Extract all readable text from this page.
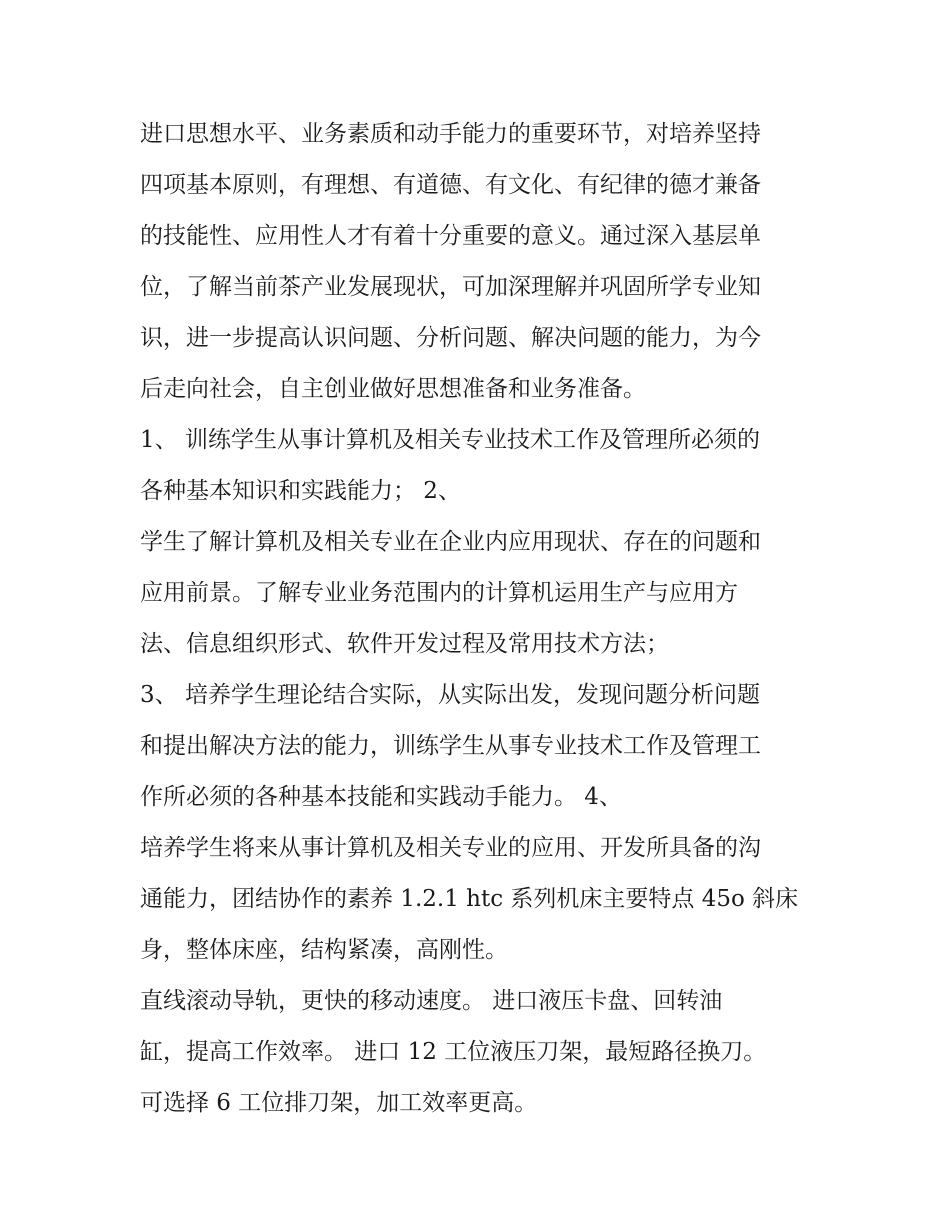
进口思想水平、业务素质和动手能力的重要环节，对培养坚持
四项基本原则，有理想、有道德、有文化、有纪律的德才兼备
的技能性、应用性人才有着十分重要的意义。通过深入基层单
位，了解当前茶产业发展现状，可加深理解并巩固所学专业知
识，进一步提高认识问题、分析问题、解决问题的能力，为今
后走向社会，自主创业做好思想准备和业务准备。
1、 训练学生从事计算机及相关专业技术工作及管理所必须的
各种基本知识和实践能力； 2、
学生了解计算机及相关专业在企业内应用现状、存在的问题和
应用前景。了解专业业务范围内的计算机运用生产与应用方
法、信息组织形式、软件开发过程及常用技术方法；
3、 培养学生理论结合实际，从实际出发，发现问题分析问题
和提出解决方法的能力，训练学生从事专业技术工作及管理工
作所必须的各种基本技能和实践动手能力。 4、
培养学生将来从事计算机及相关专业的应用、开发所具备的沟
通能力，团结协作的素养 1.2.1 htc 系列机床主要特点 45o 斜床
身，整体床座，结构紧凑，高刚性。
直线滚动导轨，更快的移动速度。 进口液压卡盘、回转油
缸，提高工作效率。 进口 12 工位液压刀架，最短路径换刀。
可选择 6 工位排刀架，加工效率更高。
